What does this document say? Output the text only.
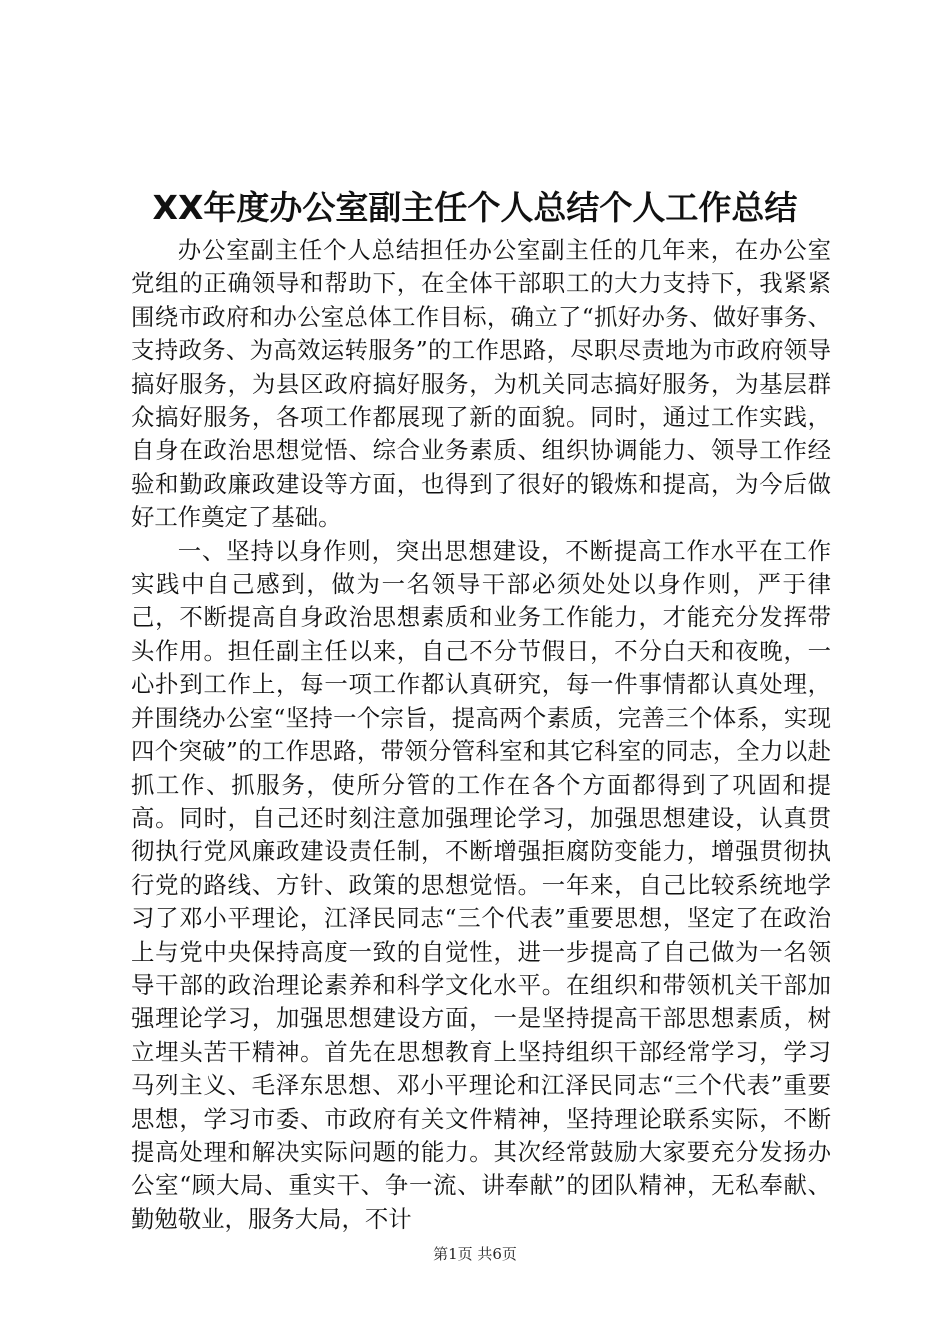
XX年度办公室副主任个人总结个人工作总结

办公室副主任个人总结担任办公室副主任的几年来，在办公室党组的正确领导和帮助下，在全体干部职工的大力支持下，我紧紧围绕市政府和办公室总体工作目标，确立了“抓好办务、做好事务、支持政务、为高效运转服务”的工作思路，尽职尽责地为市政府领导搞好服务，为县区政府搞好服务，为机关同志搞好服务，为基层群众搞好服务，各项工作都展现了新的面貌。同时，通过工作实践，自身在政治思想觉悟、综合业务素质、组织协调能力、领导工作经验和勤政廉政建设等方面，也得到了很好的锻炼和提高，为今后做好工作奠定了基础。

一、坚持以身作则，突出思想建设，不断提高工作水平在工作实践中自己感到，做为一名领导干部必须处处以身作则，严于律己，不断提高自身政治思想素质和业务工作能力，才能充分发挥带头作用。担任副主任以来，自己不分节假日，不分白天和夜晚，一心扑到工作上，每一项工作都认真研究，每一件事情都认真处理，并围绕办公室“坚持一个宗旨，提高两个素质，完善三个体系，实现四个突破”的工作思路，带领分管科室和其它科室的同志，全力以赴抓工作、抓服务，使所分管的工作在各个方面都得到了巩固和提高。同时，自己还时刻注意加强理论学习，加强思想建设，认真贯彻执行党风廉政建设责任制，不断增强拒腐防变能力，增强贯彻执行党的路线、方针、政策的思想觉悟。一年来，自己比较系统地学习了邓小平理论，江泽民同志“三个代表”重要思想，坚定了在政治上与党中央保持高度一致的自觉性，进一步提高了自己做为一名领导干部的政治理论素养和科学文化水平。在组织和带领机关干部加强理论学习，加强思想建设方面，一是坚持提高干部思想素质，树立埋头苦干精神。首先在思想教育上坚持组织干部经常学习，学习马列主义、毛泽东思想、邓小平理论和江泽民同志“三个代表”重要思想，学习市委、市政府有关文件精神，坚持理论联系实际，不断提高处理和解决实际问题的能力。其次经常鼓励大家要充分发扬办公室“顾大局、重实干、争一流、讲奉献”的团队精神，无私奉献、勤勉敬业，服务大局，不计

第1页 共6页
